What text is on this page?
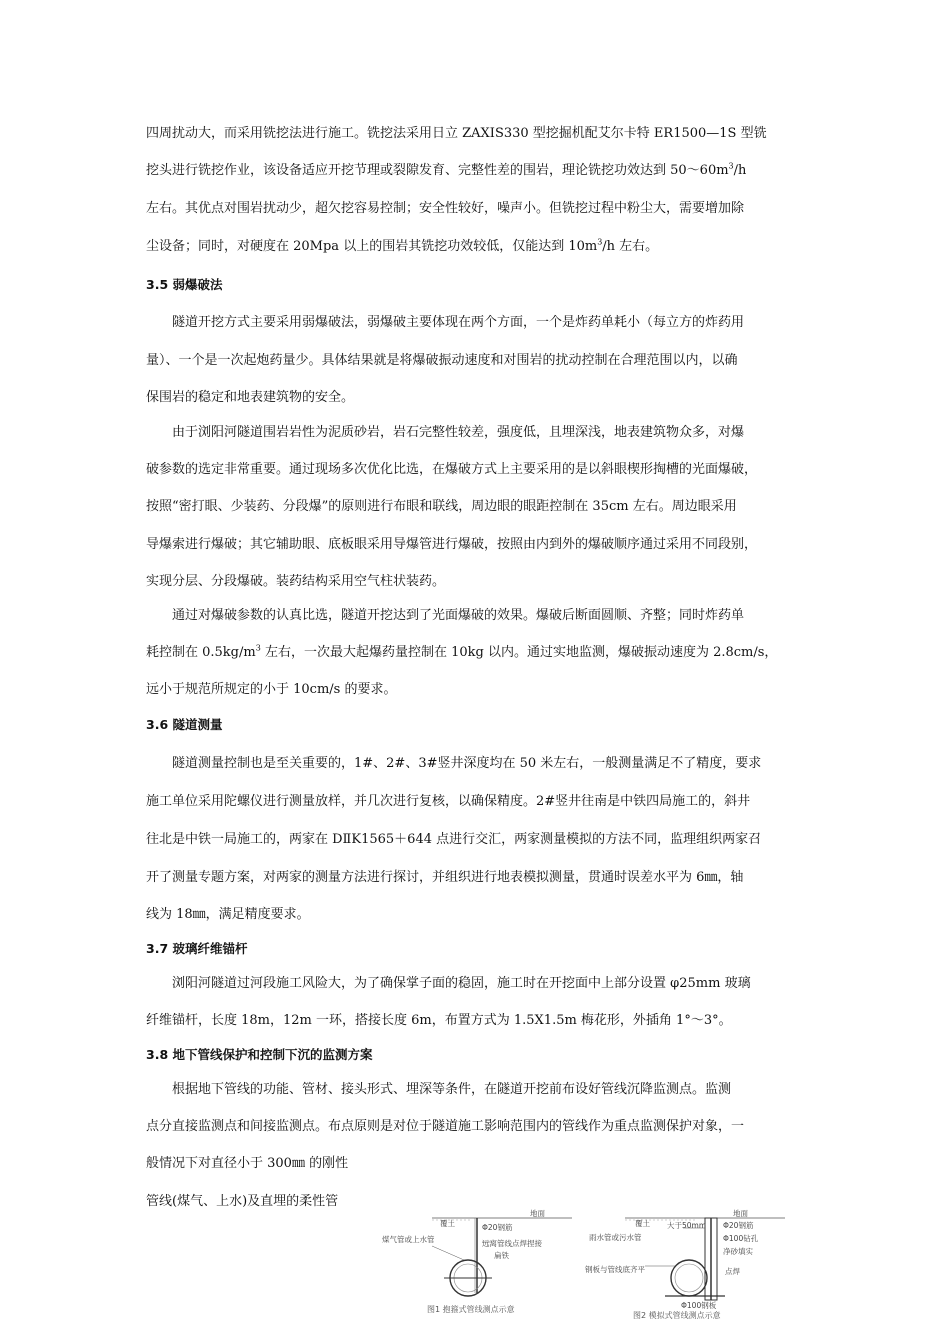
四周扰动大，而采用铣挖法进行施工。铣挖法采用日立 ZAXIS330 型挖掘机配艾尔卡特 ER1500—1S 型铣
挖头进行铣挖作业，该设备适应开挖节理或裂隙发育、完整性差的围岩，理论铣挖功效达到 $50\sim 60m^3/h$
左右。其优点对围岩扰动少，超欠挖容易控制；安全性较好，噪声小。但铣挖过程中粉尘大，需要增加除
尘设备；同时，对硬度在 20Mpa 以上的围岩其铣挖功效较低，仅能达到 $10m^3/h$ 左右。
3.5 弱爆破法
隧道开挖方式主要采用弱爆破法，弱爆破主要体现在两个方面，一个是炸药单耗小（每立方的炸药用
量）、一个是一次起炮药量少。具体结果就是将爆破振动速度和对围岩的扰动控制在合理范围以内，以确
保围岩的稳定和地表建筑物的安全。
由于浏阳河隧道围岩岩性为泥质砂岩，岩石完整性较差，强度低，且埋深浅，地表建筑物众多，对爆
破参数的选定非常重要。通过现场多次优化比选，在爆破方式上主要采用的是以斜眼楔形掏槽的光面爆破，
按照“密打眼、少装药、分段爆”的原则进行布眼和联线，周边眼的眼距控制在 35cm 左右。周边眼采用
导爆索进行爆破；其它辅助眼、底板眼采用导爆管进行爆破，按照由内到外的爆破顺序通过采用不同段别，
实现分层、分段爆破。装药结构采用空气柱状装药。
通过对爆破参数的认真比选，隧道开挖达到了光面爆破的效果。爆破后断面圆顺、齐整；同时炸药单
耗控制在 $0.5kg/m^3$ 左右，一次最大起爆药量控制在 10kg 以内。通过实地监测，爆破振动速度为 2.8cm/s，
远小于规范所规定的小于 10cm/s 的要求。
3.6 隧道测量
隧道测量控制也是至关重要的，1#、2#、3#竖井深度均在 50 米左右，一般测量满足不了精度，要求
施工单位采用陀螺仪进行测量放样，并几次进行复核，以确保精度。2#竖井往南是中铁四局施工的，斜井
往北是中铁一局施工的，两家在 DⅡK1565＋644 点进行交汇，两家测量模拟的方法不同，监理组织两家召
开了测量专题方案，对两家的测量方法进行探讨，并组织进行地表模拟测量，贯通时误差水平为 6㎜，轴
线为 18㎜，满足精度要求。
3.7 玻璃纤维锚杆
浏阳河隧道过河段施工风险大，为了确保掌子面的稳固，施工时在开挖面中上部分设置 φ25mm 玻璃
纤维锚杆，长度 18m，12m 一环，搭接长度 6m，布置方式为 1.5X1.5m 梅花形，外插角 1°～3°。
3.8 地下管线保护和控制下沉的监测方案
根据地下管线的功能、管材、接头形式、埋深等条件，在隧道开挖前布设好管线沉降监测点。监测
点分直接监测点和间接监测点。布点原则是对位于隧道施工影响范围内的管线作为重点监测保护对象，一
般情况下对直径小于 300㎜ 的刚性
管线(煤气、上水)及直埋的柔性管
地面
覆土	Φ20钢筋
煤气管或上水管	远离管线点焊捏接
扁铁
图1 抱箍式管线测点示意
地面
覆土 大于50mm Φ20钢筋
Φ100钻孔
净砂填实
雨水管或污水管
钢板与管线底齐平	点焊
Φ100钢板
图2 模拟式管线测点示意
